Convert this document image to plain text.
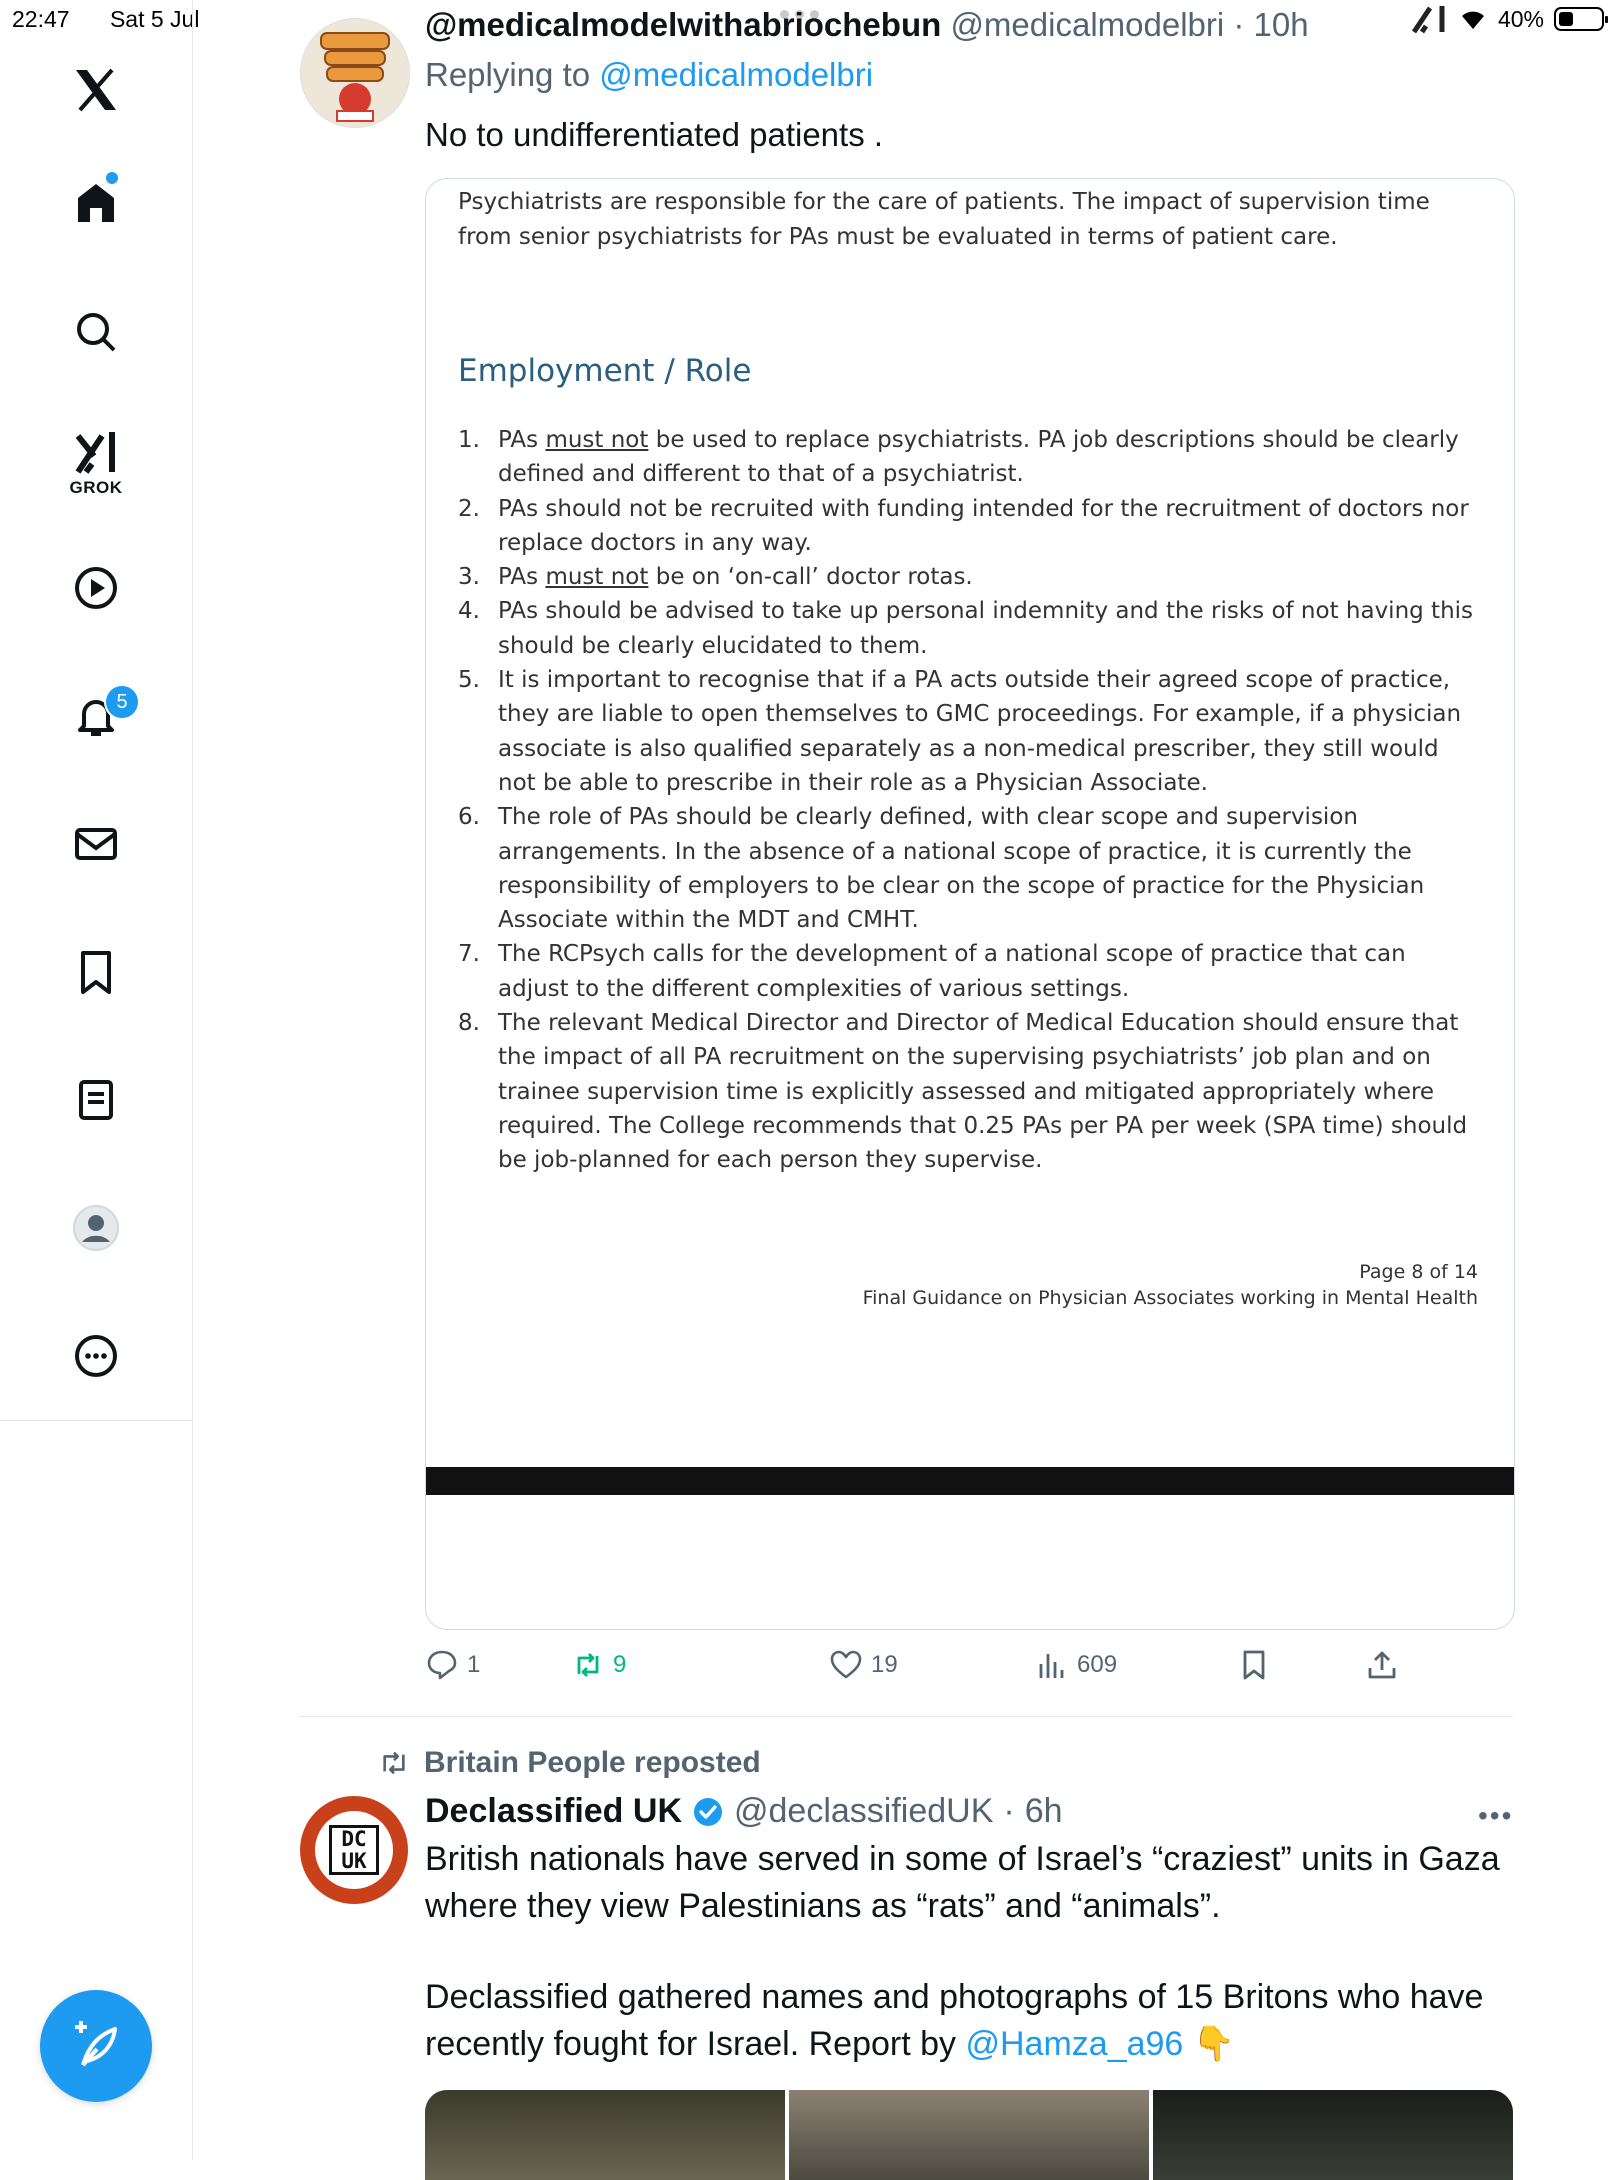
22:47 Sat 5 Jul	40%
GROK
5
@medicalmodelwithabriochebun @medicalmodelbri · 10h
Replying to @medicalmodelbri
No to undifferentiated patients .
Psychiatrists are responsible for the care of patients. The impact of supervision time from senior psychiatrists for PAs must be evaluated in terms of patient care.
Employment / Role
1. PAs must not be used to replace psychiatrists. PA job descriptions should be clearly defined and different to that of a psychiatrist.
2. PAs should not be recruited with funding intended for the recruitment of doctors nor replace doctors in any way.
3. PAs must not be on ‘on-call’ doctor rotas.
4. PAs should be advised to take up personal indemnity and the risks of not having this should be clearly elucidated to them.
5. It is important to recognise that if a PA acts outside their agreed scope of practice, they are liable to open themselves to GMC proceedings. For example, if a physician associate is also qualified separately as a non-medical prescriber, they still would not be able to prescribe in their role as a Physician Associate.
6. The role of PAs should be clearly defined, with clear scope and supervision arrangements. In the absence of a national scope of practice, it is currently the responsibility of employers to be clear on the scope of practice for the Physician Associate within the MDT and CMHT.
7. The RCPsych calls for the development of a national scope of practice that can adjust to the different complexities of various settings.
8. The relevant Medical Director and Director of Medical Education should ensure that the impact of all PA recruitment on the supervising psychiatrists’ job plan and on trainee supervision time is explicitly assessed and mitigated appropriately where required. The College recommends that 0.25 PAs per PA per week (SPA time) should be job-planned for each person they supervise.
Page 8 of 14
Final Guidance on Physician Associates working in Mental Health
1	9	19	609
Britain People reposted
DC UK
Declassified UK @declassifiedUK · 6h	•••

British nationals have served in some of Israel’s “craziest” units in Gaza where they view Palestinians as “rats” and “animals”.

Declassified gathered names and photographs of 15 Britons who have recently fought for Israel. Report by @Hamza_a96 👇
